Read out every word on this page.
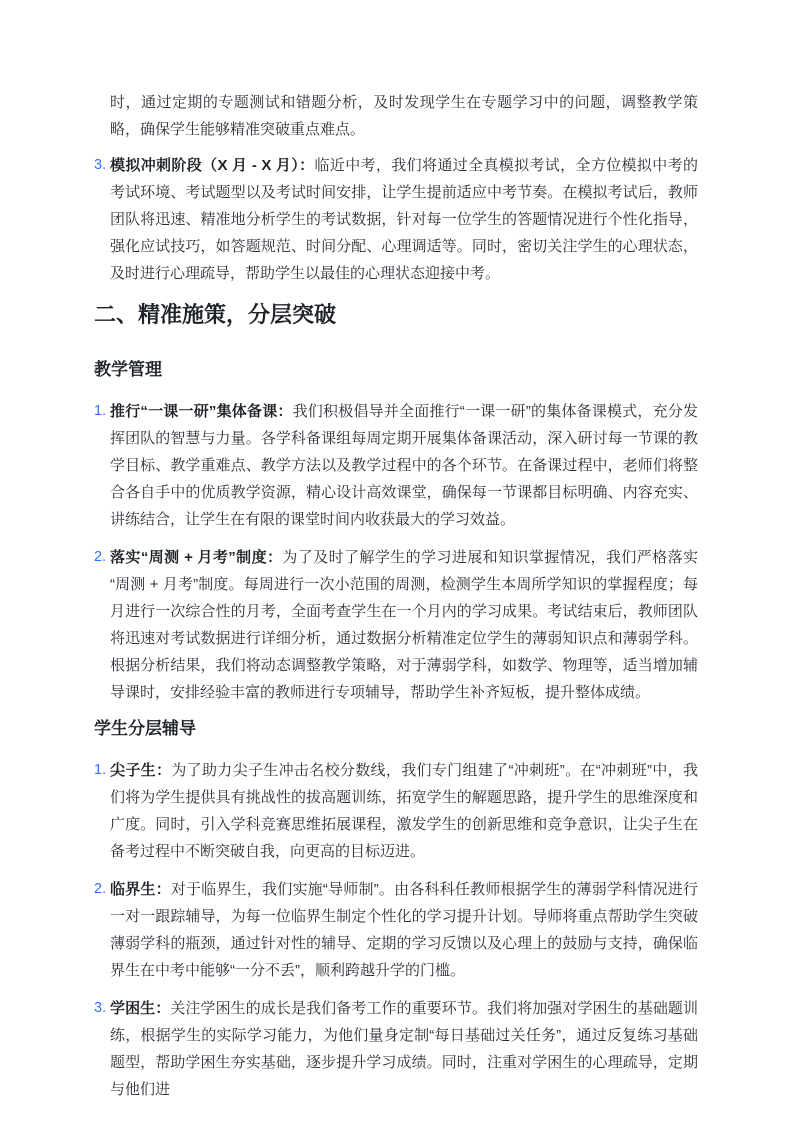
时，通过定期的专题测试和错题分析，及时发现学生在专题学习中的问题，调整教学策略，确保学生能够精准突破重点难点。

3. 模拟冲刺阶段（X 月 - X 月）：临近中考，我们将通过全真模拟考试，全方位模拟中考的考试环境、考试题型以及考试时间安排，让学生提前适应中考节奏。在模拟考试后，教师团队将迅速、精准地分析学生的考试数据，针对每一位学生的答题情况进行个性化指导，强化应试技巧，如答题规范、时间分配、心理调适等。同时，密切关注学生的心理状态，及时进行心理疏导，帮助学生以最佳的心理状态迎接中考。
二、精准施策，分层突破
教学管理
1. 推行“一课一研”集体备课：我们积极倡导并全面推行“一课一研”的集体备课模式，充分发挥团队的智慧与力量。各学科备课组每周定期开展集体备课活动，深入研讨每一节课的教学目标、教学重难点、教学方法以及教学过程中的各个环节。在备课过程中，老师们将整合各自手中的优质教学资源，精心设计高效课堂，确保每一节课都目标明确、内容充实、讲练结合，让学生在有限的课堂时间内收获最大的学习效益。
2. 落实“周测 + 月考”制度：为了及时了解学生的学习进展和知识掌握情况，我们严格落实“周测 + 月考”制度。每周进行一次小范围的周测，检测学生本周所学知识的掌握程度；每月进行一次综合性的月考，全面考查学生在一个月内的学习成果。考试结束后，教师团队将迅速对考试数据进行详细分析，通过数据分析精准定位学生的薄弱知识点和薄弱学科。根据分析结果，我们将动态调整教学策略，对于薄弱学科，如数学、物理等，适当增加辅导课时，安排经验丰富的教师进行专项辅导，帮助学生补齐短板，提升整体成绩。
学生分层辅导
1. 尖子生：为了助力尖子生冲击名校分数线，我们专门组建了“冲刺班”。在“冲刺班”中，我们将为学生提供具有挑战性的拔高题训练，拓宽学生的解题思路，提升学生的思维深度和广度。同时，引入学科竞赛思维拓展课程，激发学生的创新思维和竞争意识，让尖子生在备考过程中不断突破自我，向更高的目标迈进。
2. 临界生：对于临界生，我们实施“导师制”。由各科科任教师根据学生的薄弱学科情况进行一对一跟踪辅导，为每一位临界生制定个性化的学习提升计划。导师将重点帮助学生突破薄弱学科的瓶颈，通过针对性的辅导、定期的学习反馈以及心理上的鼓励与支持，确保临界生在中考中能够“一分不丢”，顺利跨越升学的门槛。
3. 学困生：关注学困生的成长是我们备考工作的重要环节。我们将加强对学困生的基础题训练，根据学生的实际学习能力，为他们量身定制“每日基础过关任务”，通过反复练习基础题型，帮助学困生夯实基础，逐步提升学习成绩。同时，注重对学困生的心理疏导，定期与他们进
